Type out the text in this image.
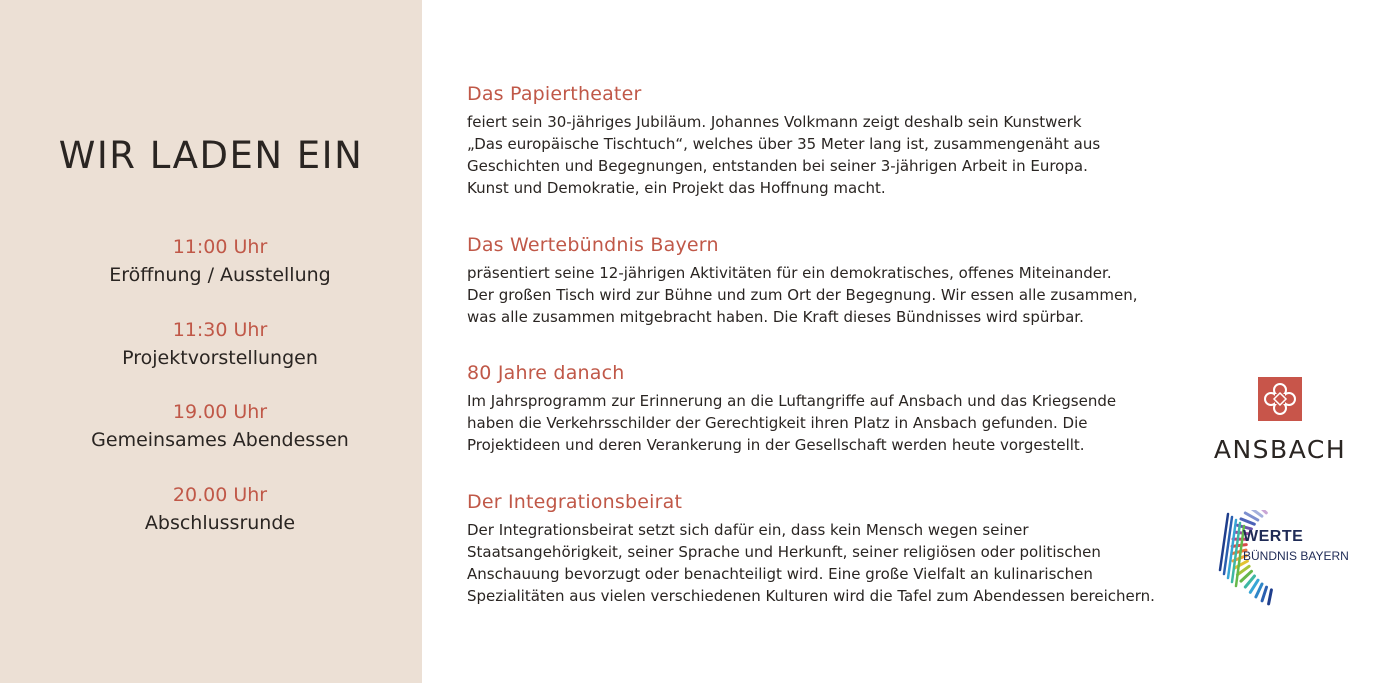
WIR LADEN EIN
11:00 Uhr
Eröffnung / Ausstellung
11:30 Uhr
Projektvorstellungen
19.00 Uhr
Gemeinsames Abendessen
20.00 Uhr
Abschlussrunde
Das Papiertheater
feiert sein 30-jähriges Jubiläum. Johannes Volkmann zeigt deshalb sein Kunstwerk
„Das europäische Tischtuch“, welches über 35 Meter lang ist, zusammengenäht aus
Geschichten und Begegnungen, entstanden bei seiner 3-jährigen Arbeit in Europa.
Kunst und Demokratie, ein Projekt das Hoffnung macht.
Das Wertebündnis Bayern
präsentiert seine 12-jährigen Aktivitäten für ein demokratisches, offenes Miteinander.
Der großen Tisch wird zur Bühne und zum Ort der Begegnung. Wir essen alle zusammen,
was alle zusammen mitgebracht haben. Die Kraft dieses Bündnisses wird spürbar.
80 Jahre danach
Im Jahrsprogramm zur Erinnerung an die Luftangriffe auf Ansbach und das Kriegsende
haben die Verkehrsschilder der Gerechtigkeit ihren Platz in Ansbach gefunden. Die
Projektideen und deren Verankerung in der Gesellschaft werden heute vorgestellt.
Der Integrationsbeirat
Der Integrationsbeirat setzt sich dafür ein, dass kein Mensch wegen seiner
Staatsangehörigkeit, seiner Sprache und Herkunft, seiner religiösen oder politischen
Anschauung bevorzugt oder benachteiligt wird. Eine große Vielfalt an kulinarischen
Spezialitäten aus vielen verschiedenen Kulturen wird die Tafel zum Abendessen bereichern.
ANSBACH
WERTE
BÜNDNIS BAYERN
